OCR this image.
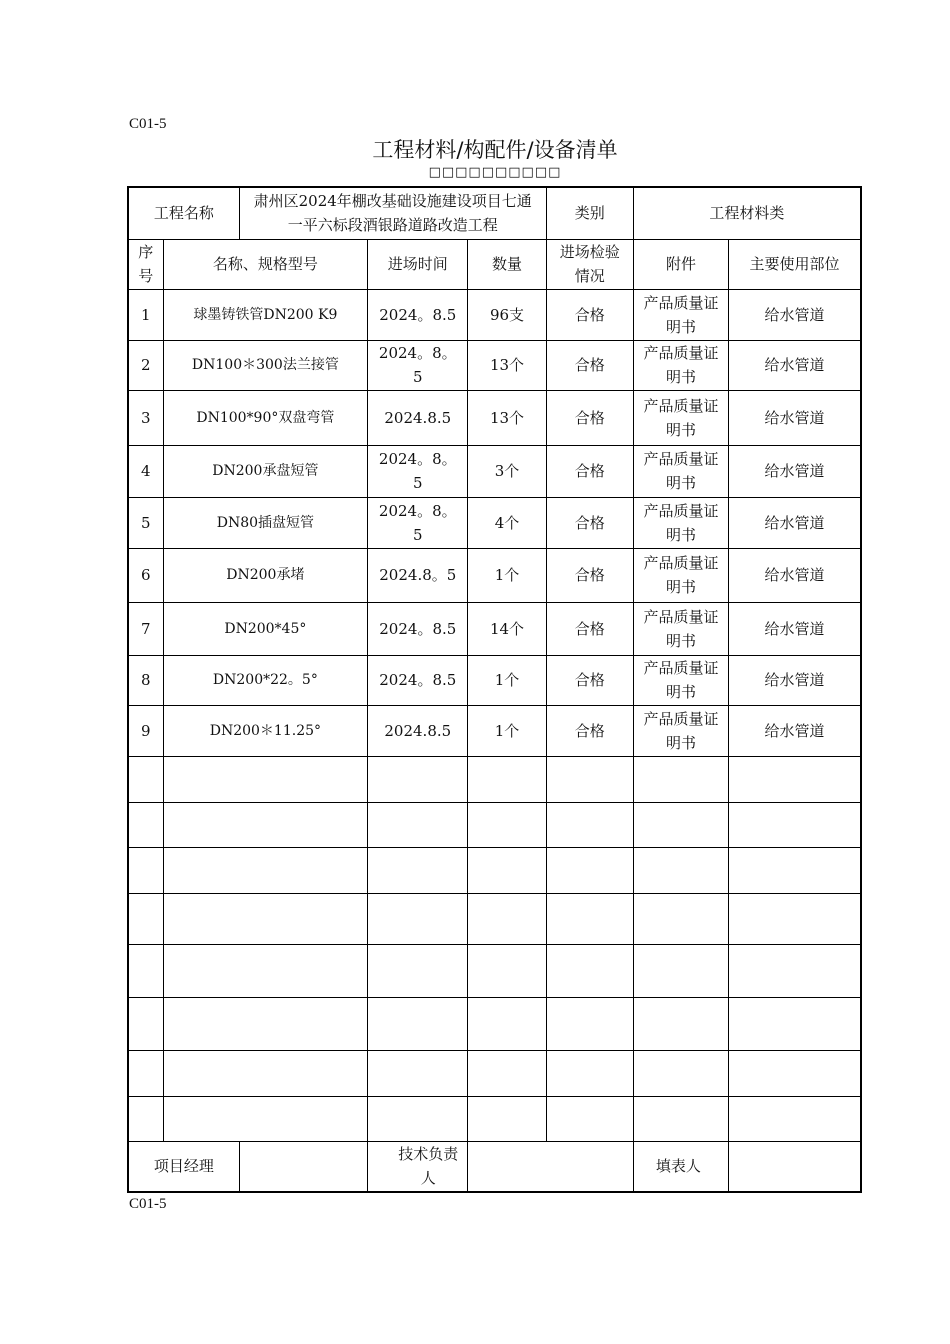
C01-5
工程材料/构配件/设备清单
□□□□□□□□□□
工程名称		肃州区2024年棚改基础设施建设项目七通一平六标段酒银路道路改造工程			类别	工程材料类	
序号	名称、规格型号		进场时间	数量	进场检验情况	附件	主要使用部位
1	球墨铸铁管DN200 K9		2024。8.5	96支	合格	产品质量证明书	给水管道
2	DN100＊300法兰接管		2024。8。5	13个	合格	产品质量证明书	给水管道
3	DN100*90°双盘弯管		2024.8.5	13个	合格	产品质量证明书	给水管道
4	DN200承盘短管		2024。8。5	3个	合格	产品质量证明书	给水管道
5	DN80插盘短管		2024。8。5	4个	合格	产品质量证明书	给水管道
6	DN200承堵		2024.8。5	1个	合格	产品质量证明书	给水管道
7	DN200*45°		2024。8.5	14个	合格	产品质量证明书	给水管道
8	DN200*22。5°		2024。8.5	1个	合格	产品质量证明书	给水管道
9	DN200＊11.25°		2024.8.5	1个	合格	产品质量证明书	给水管道

项目经理			技术负责人			填表人	
C01-5
